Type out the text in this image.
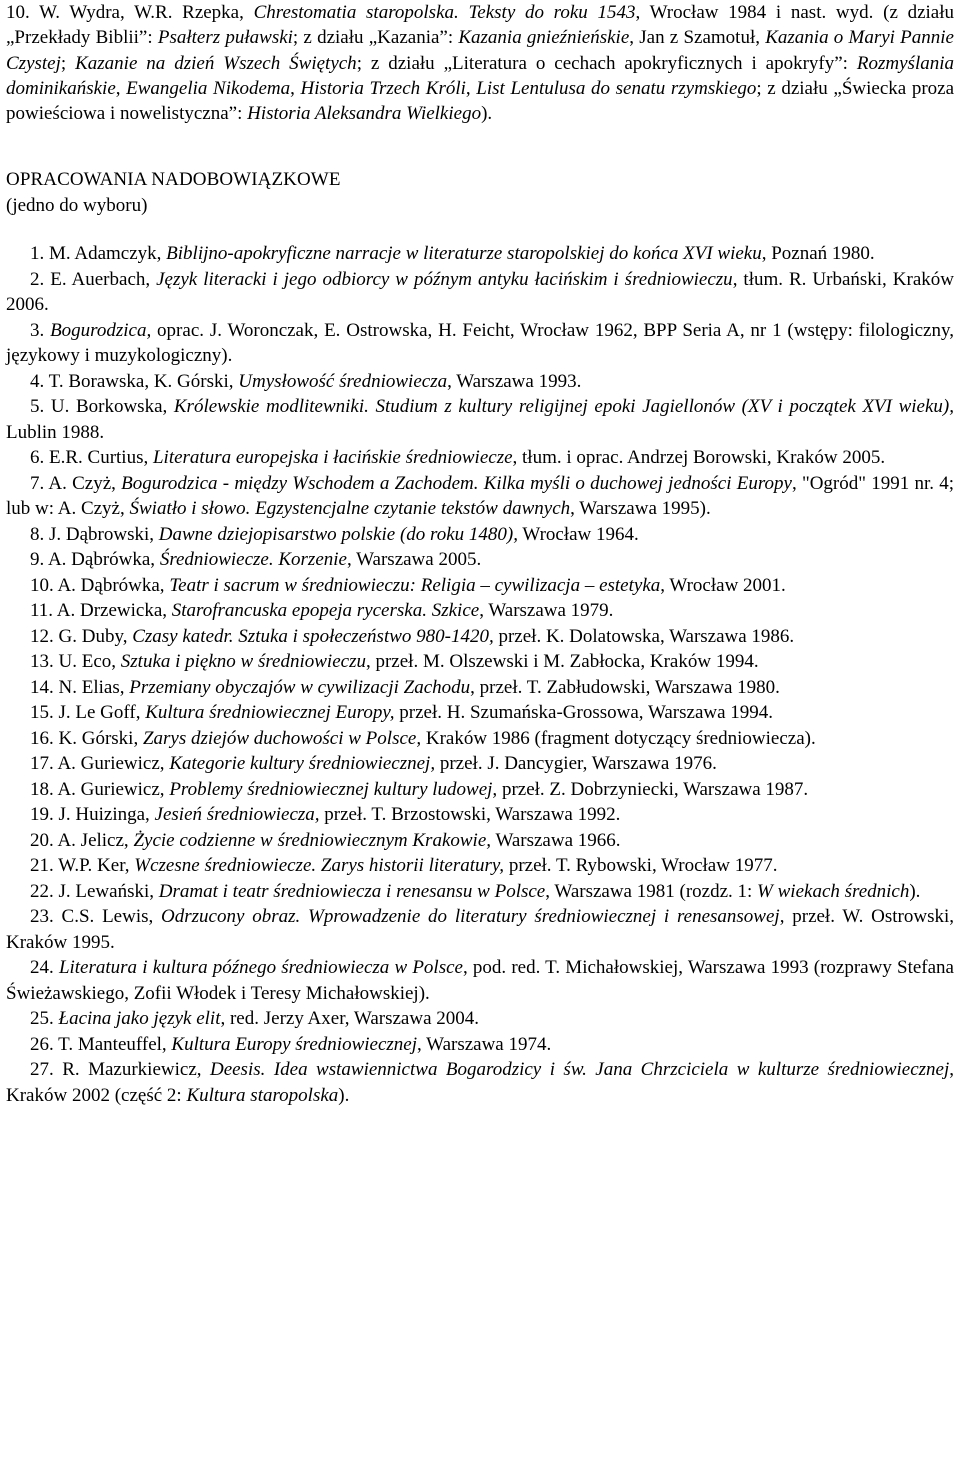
10. W. Wydra, W.R. Rzepka, Chrestomatia staropolska. Teksty do roku 1543, Wrocław 1984 i nast. wyd. (z działu „Przekłady Biblii”: Psałterz puławski; z działu „Kazania”: Kazania gnieźnieńskie, Jan z Szamotuł, Kazania o Maryi Pannie Czystej; Kazanie na dzień Wszech Świętych; z działu „Literatura o cechach apokryficznych i apokryfy”: Rozmyślania dominikańskie, Ewangelia Nikodema, Historia Trzech Króli, List Lentulusa do senatu rzymskiego; z działu „Świecka proza powieściowa i nowelistyczna”: Historia Aleksandra Wielkiego).

OPRACOWANIA NADOBOWIĄZKOWE
(jedno do wyboru)

1. M. Adamczyk, Biblijno-apokryficzne narracje w literaturze staropolskiej do końca XVI wieku, Poznań 1980.

2. E. Auerbach, Język literacki i jego odbiorcy w późnym antyku łacińskim i średniowieczu, tłum. R. Urbański, Kraków 2006.

3. Bogurodzica, oprac. J. Woronczak, E. Ostrowska, H. Feicht, Wrocław 1962, BPP Seria A, nr 1 (wstępy: filologiczny, językowy i muzykologiczny).

4. T. Borawska, K. Górski, Umysłowość średniowiecza, Warszawa 1993.

5. U. Borkowska, Królewskie modlitewniki. Studium z kultury religijnej epoki Jagiellonów (XV i początek XVI wieku), Lublin 1988.

6. E.R. Curtius, Literatura europejska i łacińskie średniowiecze, tłum. i oprac. Andrzej Borowski, Kraków 2005.

7. A. Czyż, Bogurodzica - między Wschodem a Zachodem. Kilka myśli o duchowej jedności Europy, "Ogród" 1991 nr. 4; lub w: A. Czyż, Światło i słowo. Egzystencjalne czytanie tekstów dawnych, Warszawa 1995).

8. J. Dąbrowski, Dawne dziejopisarstwo polskie (do roku 1480), Wrocław 1964.

9. A. Dąbrówka, Średniowiecze. Korzenie, Warszawa 2005.

10. A. Dąbrówka, Teatr i sacrum w średniowieczu: Religia – cywilizacja – estetyka, Wrocław 2001.

11. A. Drzewicka, Starofrancuska epopeja rycerska. Szkice, Warszawa 1979.

12. G. Duby, Czasy katedr. Sztuka i społeczeństwo 980-1420, przeł. K. Dolatowska, Warszawa 1986.

13. U. Eco, Sztuka i piękno w średniowieczu, przeł. M. Olszewski i M. Zabłocka, Kraków 1994.

14. N. Elias, Przemiany obyczajów w cywilizacji Zachodu, przeł. T. Zabłudowski, Warszawa 1980.

15. J. Le Goff, Kultura średniowiecznej Europy, przeł. H. Szumańska-Grossowa, Warszawa 1994.

16. K. Górski, Zarys dziejów duchowości w Polsce, Kraków 1986 (fragment dotyczący średniowiecza).

17. A. Guriewicz, Kategorie kultury średniowiecznej, przeł. J. Dancygier, Warszawa 1976.

18. A. Guriewicz, Problemy średniowiecznej kultury ludowej, przeł. Z. Dobrzyniecki, Warszawa 1987.

19. J. Huizinga, Jesień średniowiecza, przeł. T. Brzostowski, Warszawa 1992.

20. A. Jelicz, Życie codzienne w średniowiecznym Krakowie, Warszawa 1966.

21. W.P. Ker, Wczesne średniowiecze. Zarys historii literatury, przeł. T. Rybowski, Wrocław 1977.

22. J. Lewański, Dramat i teatr średniowiecza i renesansu w Polsce, Warszawa 1981 (rozdz. 1: W wiekach średnich).

23. C.S. Lewis, Odrzucony obraz. Wprowadzenie do literatury średniowiecznej i renesansowej, przeł. W. Ostrowski, Kraków 1995.

24. Literatura i kultura późnego średniowiecza w Polsce, pod. red. T. Michałowskiej, Warszawa 1993 (rozprawy Stefana Świeżawskiego, Zofii Włodek i Teresy Michałowskiej).

25. Łacina jako język elit, red. Jerzy Axer, Warszawa 2004.

26. T. Manteuffel, Kultura Europy średniowiecznej, Warszawa 1974.

27. R. Mazurkiewicz, Deesis. Idea wstawiennictwa Bogarodzicy i św. Jana Chrzciciela w kulturze średniowiecznej, Kraków 2002 (część 2: Kultura staropolska).
